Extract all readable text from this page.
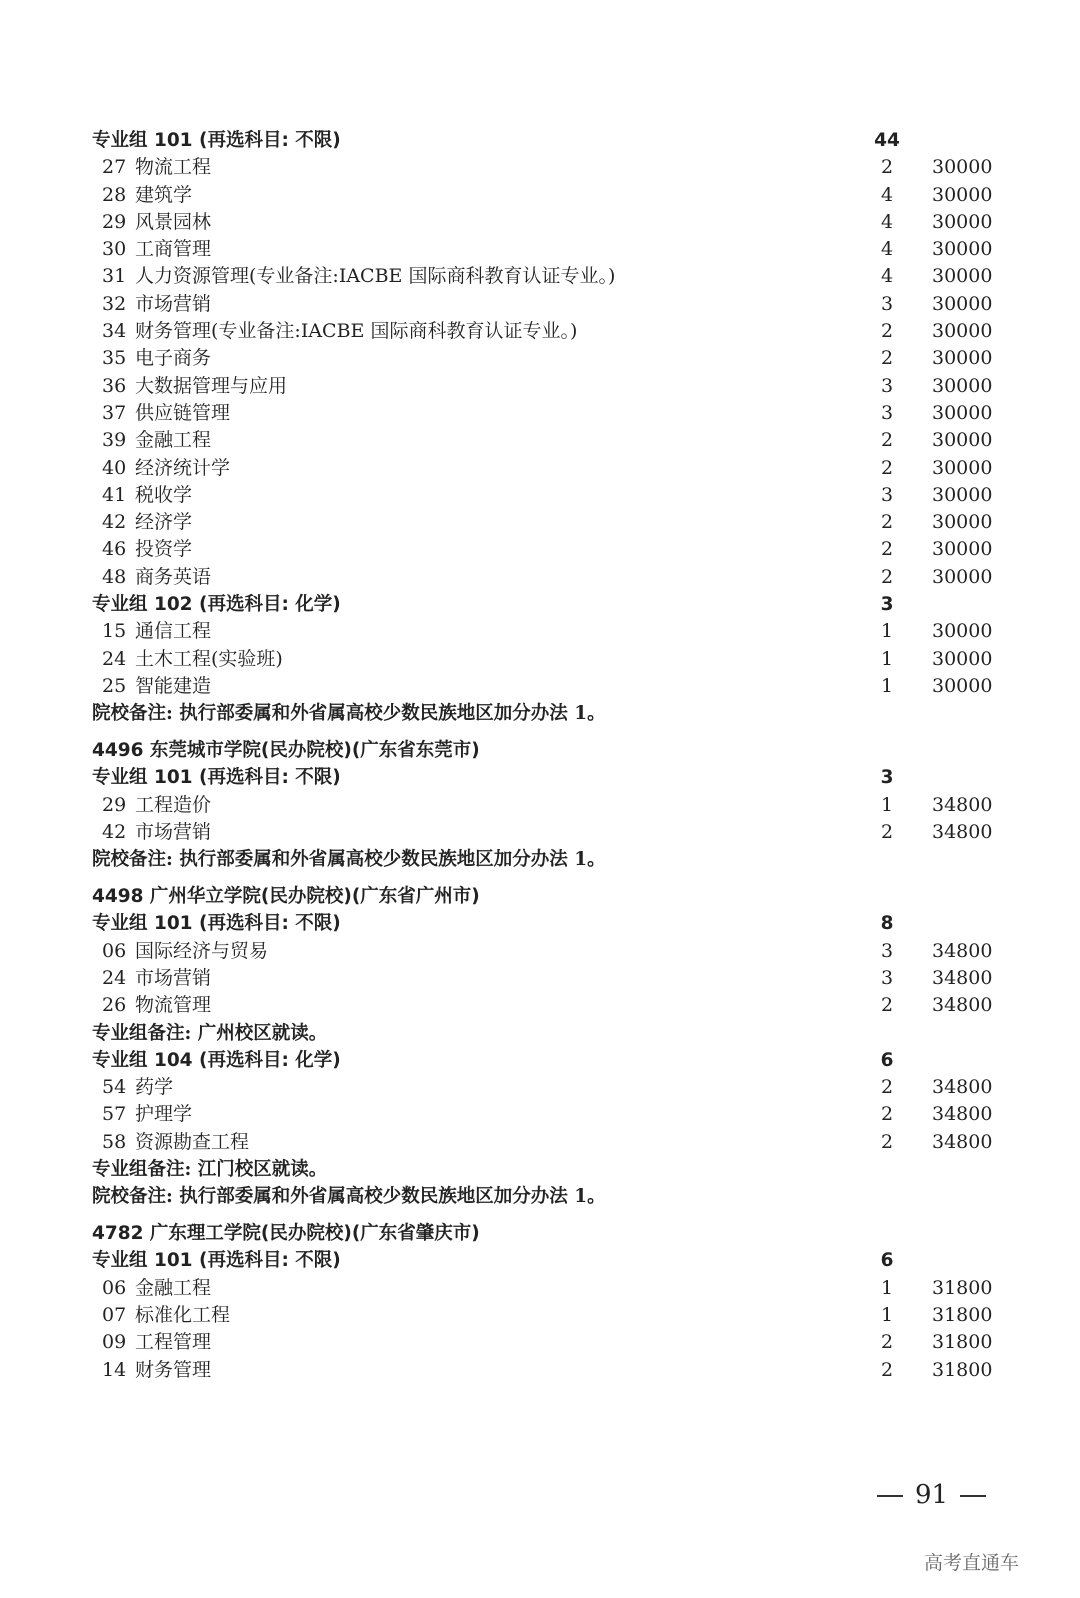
专业组 101 (再选科目: 不限)	44
27 物流工程	2	30000
28 建筑学	4	30000
29 风景园林	4	30000
30 工商管理	4	30000
31 人力资源管理(专业备注:IACBE 国际商科教育认证专业。)	4	30000
32 市场营销	3	30000
34 财务管理(专业备注:IACBE 国际商科教育认证专业。)	2	30000
35 电子商务	2	30000
36 大数据管理与应用	3	30000
37 供应链管理	3	30000
39 金融工程	2	30000
40 经济统计学	2	30000
41 税收学	3	30000
42 经济学	2	30000
46 投资学	2	30000
48 商务英语	2	30000
专业组 102 (再选科目: 化学)	3
15 通信工程	1	30000
24 土木工程(实验班)	1	30000
25 智能建造	1	30000
院校备注: 执行部委属和外省属高校少数民族地区加分办法 1。
4496 东莞城市学院(民办院校)(广东省东莞市)
专业组 101 (再选科目: 不限)	3
29 工程造价	1	34800
42 市场营销	2	34800
院校备注: 执行部委属和外省属高校少数民族地区加分办法 1。
4498 广州华立学院(民办院校)(广东省广州市)
专业组 101 (再选科目: 不限)	8
06 国际经济与贸易	3	34800
24 市场营销	3	34800
26 物流管理	2	34800
专业组备注: 广州校区就读。
专业组 104 (再选科目: 化学)	6
54 药学	2	34800
57 护理学	2	34800
58 资源勘查工程	2	34800
专业组备注: 江门校区就读。
院校备注: 执行部委属和外省属高校少数民族地区加分办法 1。
4782 广东理工学院(民办院校)(广东省肇庆市)
专业组 101 (再选科目: 不限)	6
06 金融工程	1	31800
07 标准化工程	1	31800
09 工程管理	2	31800
14 财务管理	2	31800
91
高考直通车
